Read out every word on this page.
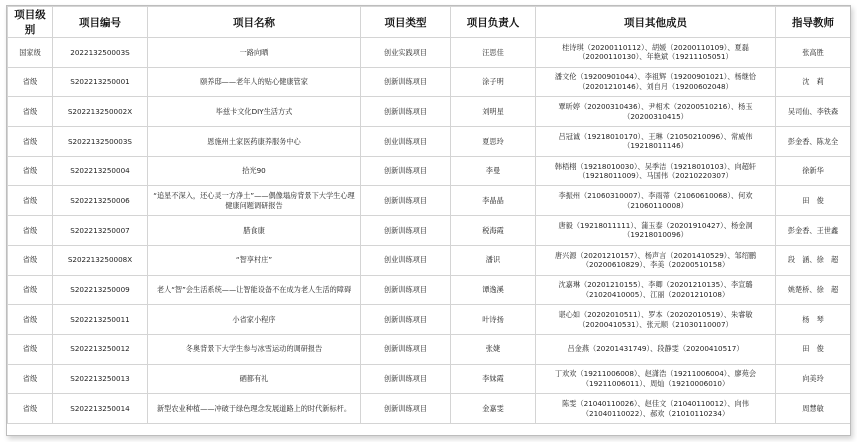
项目级别	项目编号	项目名称	项目类型	项目负责人	项目其他成员	指导教师
国家级	202213250003S	一路向晒	创业实践项目	汪思佳	桂诗琪（20200110112）、胡媛（20200110109）、夏磊（20200110130）、年艳斌（19211105051）	张高胜
省级	S202213250001	颐养邸——老年人的贴心健康管家	创新训练项目	涂子明	潘文伦（19200901044）、李祖辉（19200901021）、杨继恰（20201210146）、刘自月（19200602048）	沈　莉
省级	S202213250002X	毕兹卡文化DIY生活方式	创新训练项目	刘明星	覃昕婷（20200310436）、尹相术（20200510216）、杨玉（20200310415）	吴司仙、李铁森
省级	S202213250003S	恩施州土家医药康养服务中心	创业训练项目	夏思玲	吕冠诚（19218010170）、王琳（21050210096）、常威伟（19218011146）	彭金香、陈龙全
省级	S202213250004	拾光90	创新训练项目	李曼	韩梧栩（19218010030）、吴季洁（19218010103）、向超轩（19218011009）、马国伟（20210220307）	徐新华
省级	S202213250006	“追星不深入，还心灵一方净土”——偶像塌房背景下大学生心理健康问题调研报告	创新训练项目	李晶晶	李振州（21060310007）、李雨蒂（21060610068）、何欢（21060110008）	田　俊
省级	S202213250007	腊食康	创新训练项目	税海霞	唐毅（19218011111）、蒲玉泰（20201910427）、杨金洞（19218010096）	彭金香、王世鑫
省级	S202213250008X	“智享村庄”	创业训练项目	潘识	唐兴源（20201210157）、杨声言（20201410529）、邹绍鹏（20200610829）、李美（20200510158）	段　涵、徐　超
省级	S202213250009	老人“智”会生活系统——让智能设备不在成为老人生活的障碍	创新训练项目	谭逸溪	沈嘉琳（20201210155）、李卿（20201210135）、李宣璐（21020410005）、江丽（20201210108）	姚楚桥、徐　超
省级	S202213250011	小省家小程序	创新训练项目	叶诗扬	谌心如（20202010511）、罗本（20202010519）、朱睿敏（20200410531）、张元顺（21030110007）	杨　琴
省级	S202213250012	冬奥背景下大学生参与冰雪运动的调研报告	创新训练项目	张婕	吕金燕（20201431749）、段静雯（20200410517）	田　俊
省级	S202213250013	硒都有礼	创新训练项目	李妹霞	丁欢欢（19211006008）、赵潇浩（19211006004）、廖苑会（19211006011）、周灿（19210006010）	向美玲
省级	S202213250014	新型农业种植——冲破于绿色理念发展道路上的时代新标杆。	创新训练项目	金嘉雯	陈雯（21040110026）、赵佳文（21040110012）、向伟（21040110022）、郝欢（21010110234）	周慧敏
